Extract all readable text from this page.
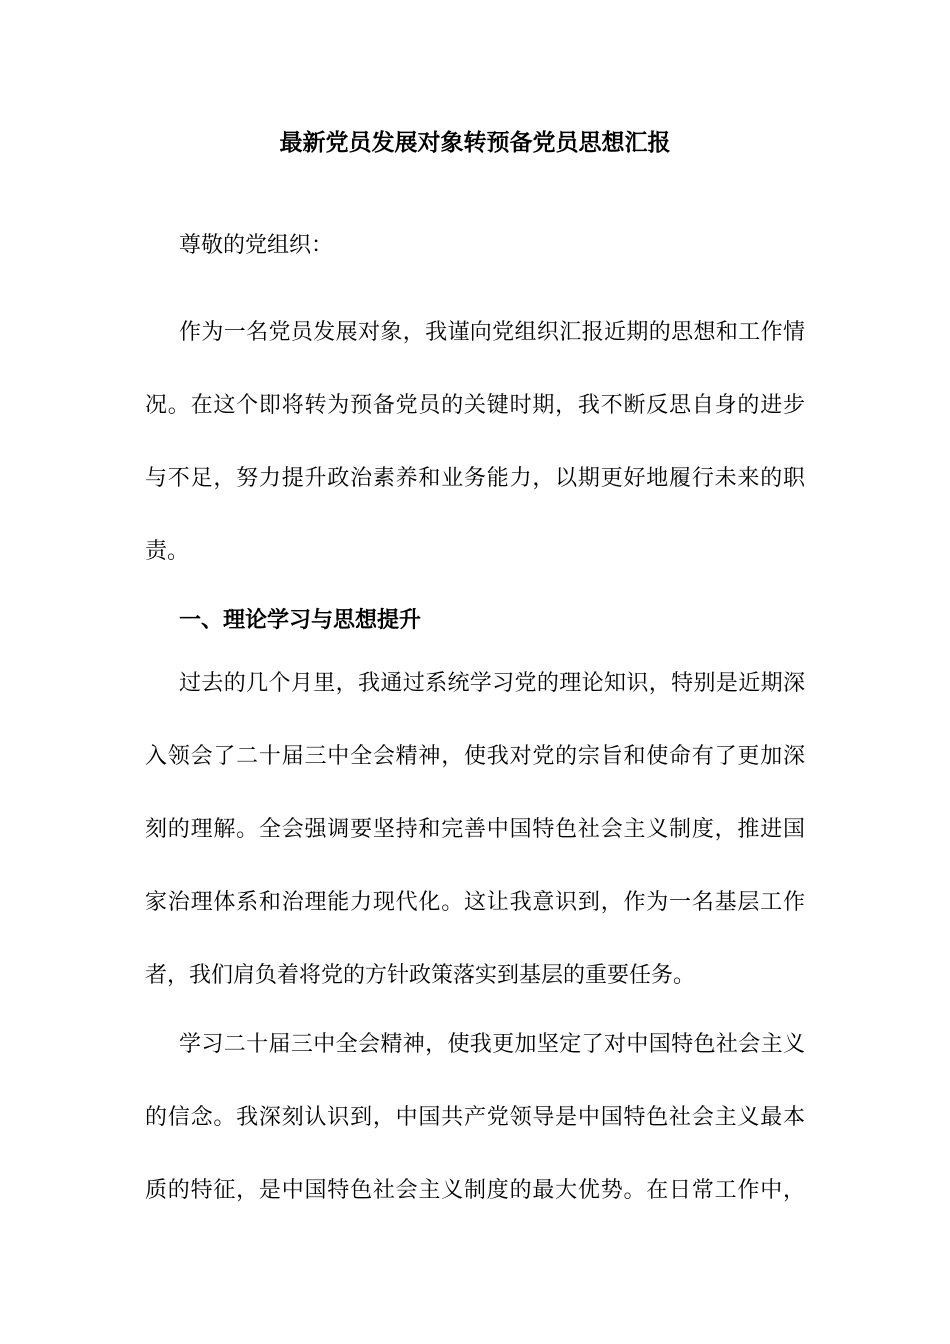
最新党员发展对象转预备党员思想汇报
尊敬的党组织：
作为一名党员发展对象，我谨向党组织汇报近期的思想和工作情
况。在这个即将转为预备党员的关键时期，我不断反思自身的进步
与不足，努力提升政治素养和业务能力，以期更好地履行未来的职
责。
一、理论学习与思想提升
过去的几个月里，我通过系统学习党的理论知识，特别是近期深
入领会了二十届三中全会精神，使我对党的宗旨和使命有了更加深
刻的理解。全会强调要坚持和完善中国特色社会主义制度，推进国
家治理体系和治理能力现代化。这让我意识到，作为一名基层工作
者，我们肩负着将党的方针政策落实到基层的重要任务。
学习二十届三中全会精神，使我更加坚定了对中国特色社会主义
的信念。我深刻认识到，中国共产党领导是中国特色社会主义最本
质的特征，是中国特色社会主义制度的最大优势。在日常工作中，
